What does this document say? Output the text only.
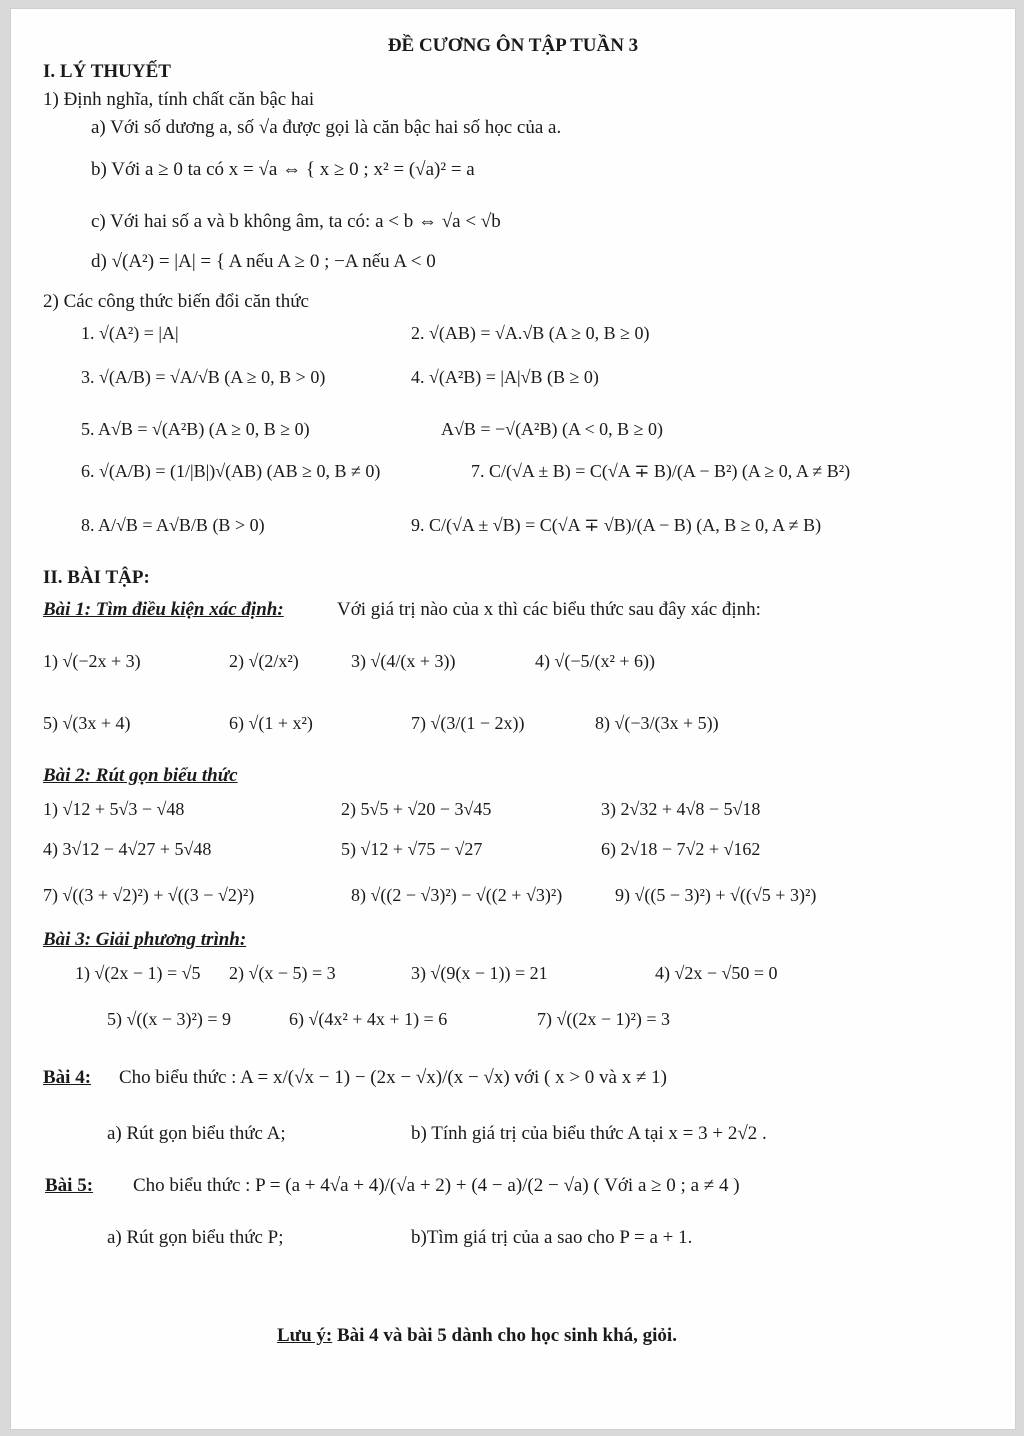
ĐỀ CƯƠNG ÔN TẬP TUẦN 3
I. LÝ THUYẾT
1) Định nghĩa, tính chất căn bậc hai
a) Với số dương a, số √a được gọi là căn bậc hai số học của a.
b) Với a ≥ 0 ta có x = √a ⇔ { x ≥ 0 ; x² = (√a)² = a
c) Với hai số a và b không âm, ta có: a < b ⇔ √a < √b
d) √(A²) = |A| = { A nếu A ≥ 0 ; −A nếu A < 0
2) Các công thức biến đổi căn thức
1. √(A²) = |A|	2. √(AB) = √A.√B (A ≥ 0, B ≥ 0)
3. √(A/B) = √A/√B (A ≥ 0, B > 0)	4. √(A²B) = |A|√B (B ≥ 0)
5. A√B = √(A²B) (A ≥ 0, B ≥ 0)	A√B = −√(A²B) (A < 0, B ≥ 0)
6. √(A/B) = (1/|B|)√(AB) (AB ≥ 0, B ≠ 0)	7. C/(√A ± B) = C(√A ∓ B)/(A − B²) (A ≥ 0, A ≠ B²)
8. A/√B = A√B/B (B > 0)	9. C/(√A ± √B) = C(√A ∓ √B)/(A − B) (A, B ≥ 0, A ≠ B)
II. BÀI TẬP:
Bài 1: Tìm điều kiện xác định:	Với giá trị nào của x thì các biểu thức sau đây xác định:
1) √(−2x + 3)	2) √(2/x²)	3) √(4/(x + 3))	4) √(−5/(x² + 6))
5) √(3x + 4)	6) √(1 + x²)	7) √(3/(1 − 2x))	8) √(−3/(3x + 5))
Bài 2: Rút gọn biểu thức
1) √12 + 5√3 − √48	2) 5√5 + √20 − 3√45	3) 2√32 + 4√8 − 5√18
4) 3√12 − 4√27 + 5√48	5) √12 + √75 − √27	6) 2√18 − 7√2 + √162
7) √((3 + √2)²) + √((3 − √2)²)	8) √((2 − √3)²) − √((2 + √3)²)	9) √((5 − 3)²) + √((√5 + 3)²)
Bài 3: Giải phương trình:
1) √(2x − 1) = √5 2) √(x − 5) = 3	3) √(9(x − 1)) = 21	4) √2x − √50 = 0
5) √((x − 3)²) = 9	6) √(4x² + 4x + 1) = 6	7) √((2x − 1)²) = 3
Bài 4: Cho biểu thức : A = x/(√x − 1) − (2x − √x)/(x − √x) với ( x > 0 và x ≠ 1)
a) Rút gọn biểu thức A;	b) Tính giá trị của biểu thức A tại x = 3 + 2√2 .
Bài 5: Cho biểu thức : P = (a + 4√a + 4)/(√a + 2) + (4 − a)/(2 − √a) ( Với a ≥ 0 ; a ≠ 4 )
a) Rút gọn biểu thức P;	b)Tìm giá trị của a sao cho P = a + 1.
Lưu ý: Bài 4 và bài 5 dành cho học sinh khá, giỏi.
